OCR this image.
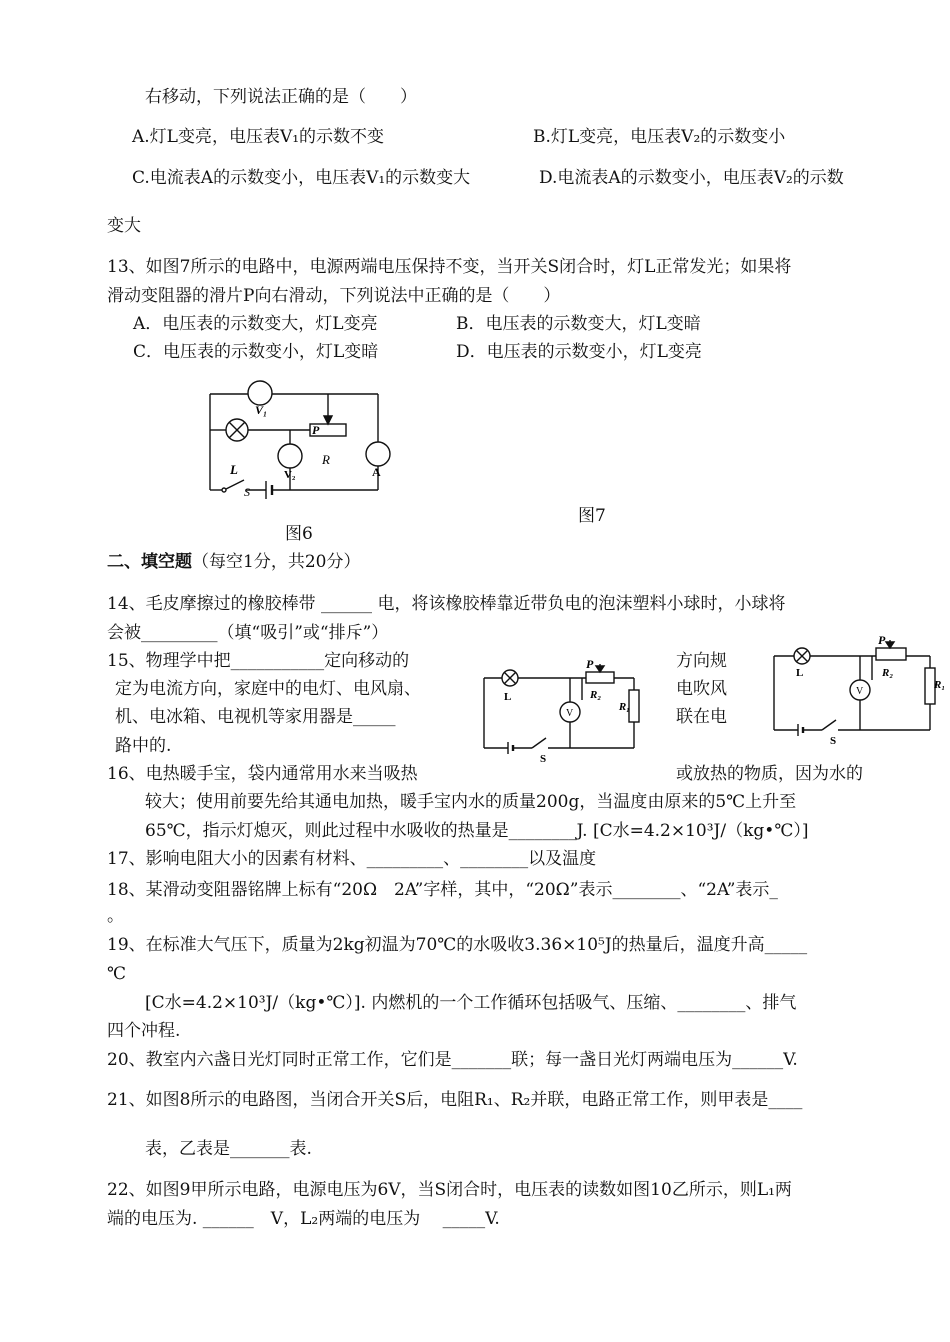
右移动，下列说法正确的是（　　）
A.灯L变亮，电压表V₁的示数不变	B.灯L变亮，电压表V₂的示数变小
C.电流表A的示数变小，电压表V₁的示数变大	D.电流表A的示数变小，电压表V₂的示数
变大
13、如图7所示的电路中，电源两端电压保持不变，当开关S闭合时，灯L正常发光；如果将
滑动变阻器的滑片P向右滑动，下列说法中正确的是（　　）
A．电压表的示数变大，灯L变亮	B．电压表的示数变大，灯L变暗
C．电压表的示数变小，灯L变暗	D．电压表的示数变小，灯L变亮
V₁
V₂	A
P
R
L
S
图6
图7
二、填空题（每空1分，共20分）
14、毛皮摩擦过的橡胶棒带 ______ 电，将该橡胶棒靠近带负电的泡沫塑料小球时，小球将
会被_________（填“吸引”或“排斥”）
15、物理学中把___________定向移动的	方向规
定为电流方向，家庭中的电灯、电风扇、	电吹风
机、电冰箱、电视机等家用器是_____	联在电
路中的.
L
P
R₂
V
R₁
S
L
P
R₂
V
R₁
S
16、电热暖手宝，袋内通常用水来当吸热	或放热的物质，因为水的
较大；使用前要先给其通电加热，暖手宝内水的质量200g，当温度由原来的5℃上升至
65℃，指示灯熄灭，则此过程中水吸收的热量是________J. [C水=4.2×10³J/（kg•℃）]
17、影响电阻大小的因素有材料、_________、________以及温度
18、某滑动变阻器铭牌上标有“20Ω　2A”字样，其中，“20Ω”表示________、“2A”表示_
。
19、在标准大气压下，质量为2kg初温为70℃的水吸收3.36×10⁵J的热量后，温度升高_____
℃
[C水=4.2×10³J/（kg•℃）]. 内燃机的一个工作循环包括吸气、压缩、________、排气
四个冲程.
20、教室内六盏日光灯同时正常工作，它们是_______联；每一盏日光灯两端电压为______V.
21、如图8所示的电路图，当闭合开关S后，电阻R₁、R₂并联，电路正常工作，则甲表是____
表，乙表是_______表.
22、如图9甲所示电路，电源电压为6V，当S闭合时，电压表的读数如图10乙所示，则L₁两
端的电压为. ______　V，L₂两端的电压为　 _____V.
